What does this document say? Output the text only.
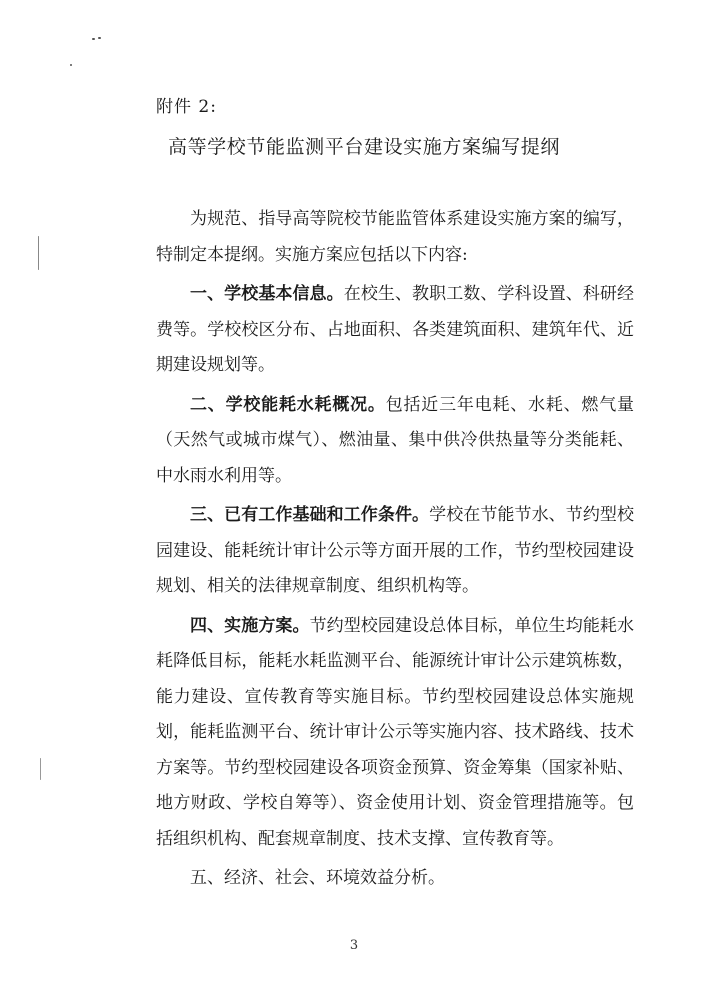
附件 2:
高等学校节能监测平台建设实施方案编写提纲

为规范、指导高等院校节能监管体系建设实施方案的编写，特制定本提纲。实施方案应包括以下内容:

一、学校基本信息。在校生、教职工数、学科设置、科研经费等。学校校区分布、占地面积、各类建筑面积、建筑年代、近期建设规划等。

二、学校能耗水耗概况。包括近三年电耗、水耗、燃气量（天然气或城市煤气）、燃油量、集中供冷供热量等分类能耗、中水雨水利用等。

三、已有工作基础和工作条件。学校在节能节水、节约型校园建设、能耗统计审计公示等方面开展的工作，节约型校园建设规划、相关的法律规章制度、组织机构等。

四、实施方案。节约型校园建设总体目标，单位生均能耗水耗降低目标，能耗水耗监测平台、能源统计审计公示建筑栋数，能力建设、宣传教育等实施目标。节约型校园建设总体实施规划，能耗监测平台、统计审计公示等实施内容、技术路线、技术方案等。节约型校园建设各项资金预算、资金筹集（国家补贴、地方财政、学校自筹等）、资金使用计划、资金管理措施等。包括组织机构、配套规章制度、技术支撑、宣传教育等。

五、经济、社会、环境效益分析。

3
